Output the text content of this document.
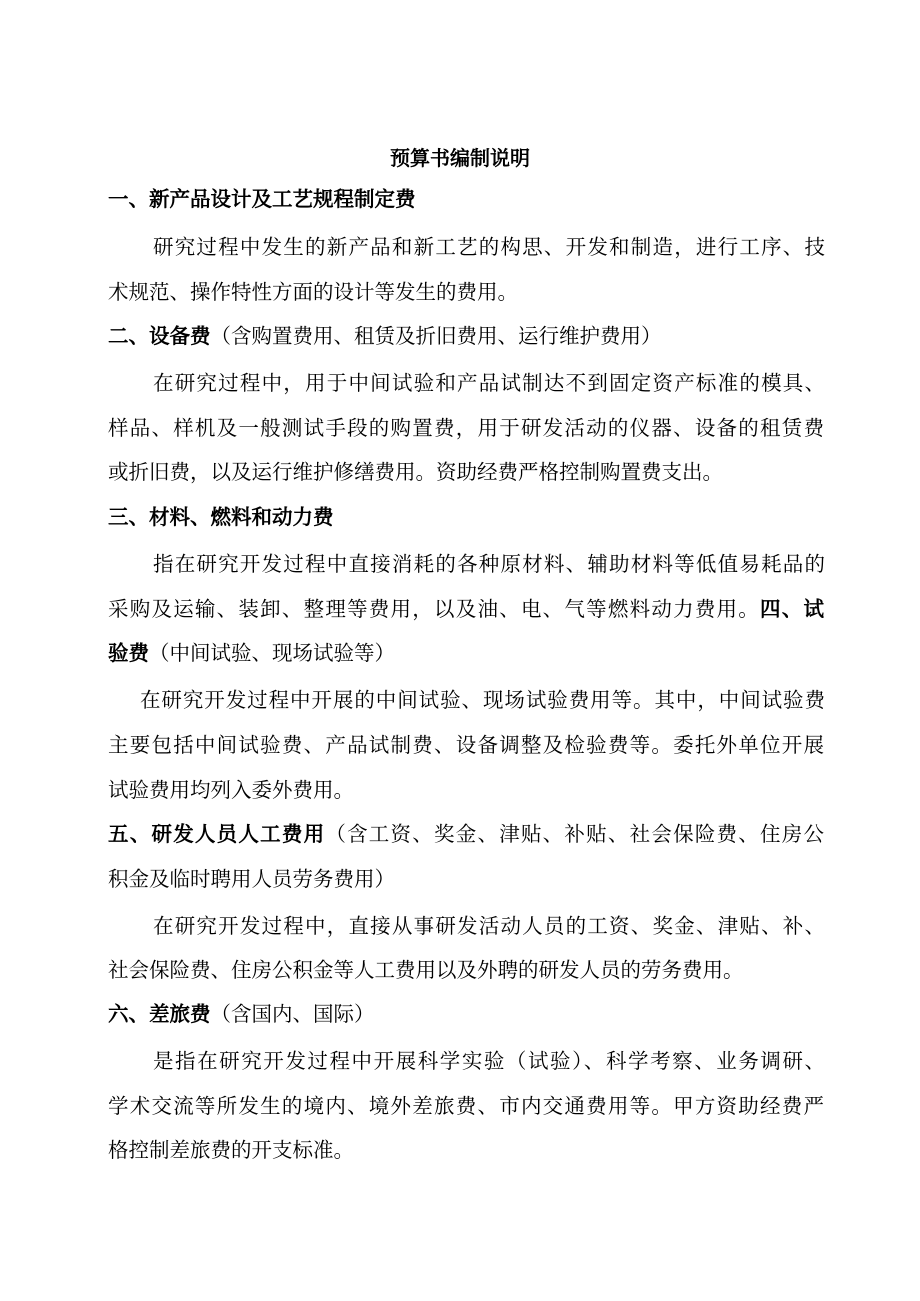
预算书编制说明
一、新产品设计及工艺规程制定费
研究过程中发生的新产品和新工艺的构思、开发和制造，进行工序、技
术规范、操作特性方面的设计等发生的费用。
二、设备费（含购置费用、租赁及折旧费用、运行维护费用）
在研究过程中，用于中间试验和产品试制达不到固定资产标准的模具、
样品、样机及一般测试手段的购置费，用于研发活动的仪器、设备的租赁费
或折旧费，以及运行维护修缮费用。资助经费严格控制购置费支出。
三、材料、燃料和动力费
指在研究开发过程中直接消耗的各种原材料、辅助材料等低值易耗品的
采购及运输、装卸、整理等费用，以及油、电、气等燃料动力费用。四、试
验费（中间试验、现场试验等）
在研究开发过程中开展的中间试验、现场试验费用等。其中，中间试验费
主要包括中间试验费、产品试制费、设备调整及检验费等。委托外单位开展
试验费用均列入委外费用。
五、研发人员人工费用（含工资、奖金、津贴、补贴、社会保险费、住房公
积金及临时聘用人员劳务费用）
在研究开发过程中，直接从事研发活动人员的工资、奖金、津贴、补、
社会保险费、住房公积金等人工费用以及外聘的研发人员的劳务费用。
六、差旅费（含国内、国际）
是指在研究开发过程中开展科学实验（试验）、科学考察、业务调研、
学术交流等所发生的境内、境外差旅费、市内交通费用等。甲方资助经费严
格控制差旅费的开支标准。
